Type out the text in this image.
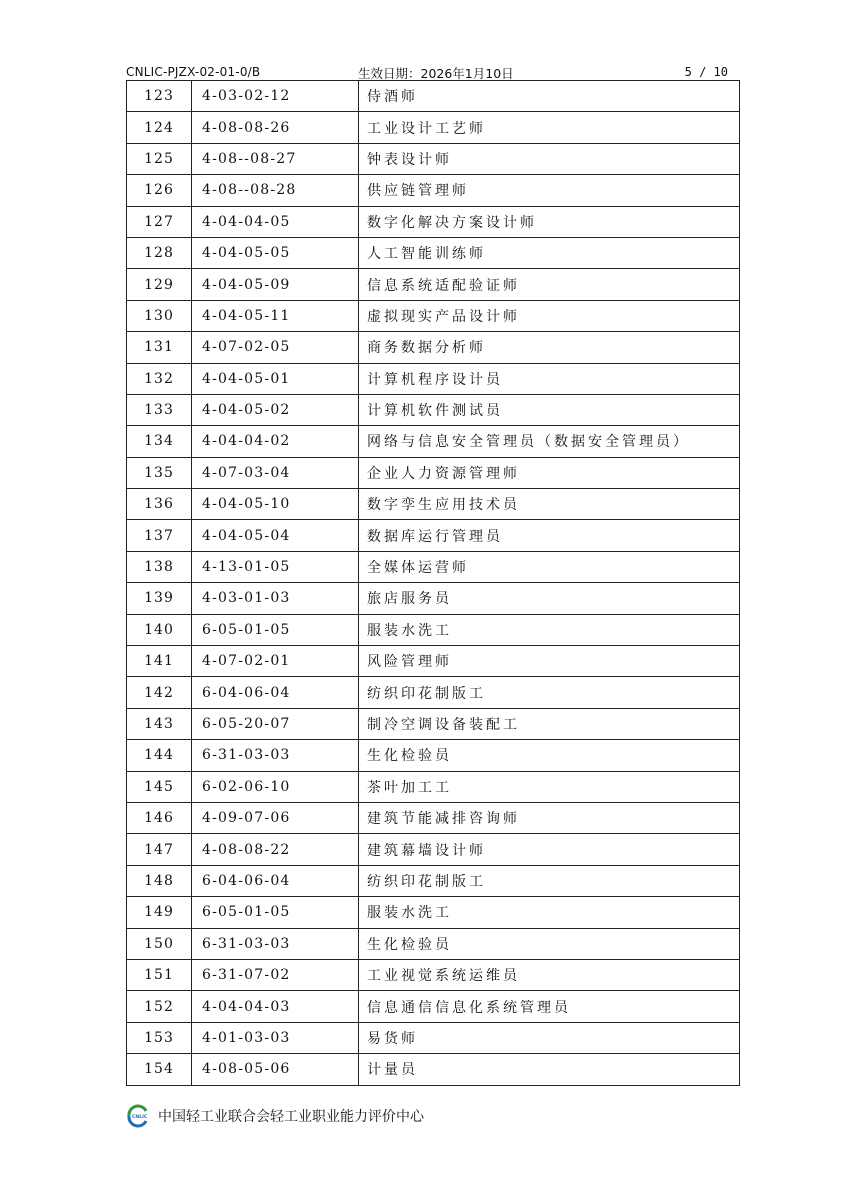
CNLIC-PJZX-02-01-0/B	生效日期：2026年1月10日	5 / 10
123	4-03-02-12	侍酒师
124	4-08-08-26	工业设计工艺师
125	4-08--08-27	钟表设计师
126	4-08--08-28	供应链管理师
127	4-04-04-05	数字化解决方案设计师
128	4-04-05-05	人工智能训练师
129	4-04-05-09	信息系统适配验证师
130	4-04-05-11	虚拟现实产品设计师
131	4-07-02-05	商务数据分析师
132	4-04-05-01	计算机程序设计员
133	4-04-05-02	计算机软件测试员
134	4-04-04-02	网络与信息安全管理员（数据安全管理员）
135	4-07-03-04	企业人力资源管理师
136	4-04-05-10	数字孪生应用技术员
137	4-04-05-04	数据库运行管理员
138	4-13-01-05	全媒体运营师
139	4-03-01-03	旅店服务员
140	6-05-01-05	服装水洗工
141	4-07-02-01	风险管理师
142	6-04-06-04	纺织印花制版工
143	6-05-20-07	制冷空调设备装配工
144	6-31-03-03	生化检验员
145	6-02-06-10	茶叶加工工
146	4-09-07-06	建筑节能减排咨询师
147	4-08-08-22	建筑幕墙设计师
148	6-04-06-04	纺织印花制版工
149	6-05-01-05	服装水洗工
150	6-31-03-03	生化检验员
151	6-31-07-02	工业视觉系统运维员
152	4-04-04-03	信息通信信息化系统管理员
153	4-01-03-03	易货师
154	4-08-05-06	计量员
CNLIC 中国轻工业联合会轻工业职业能力评价中心
